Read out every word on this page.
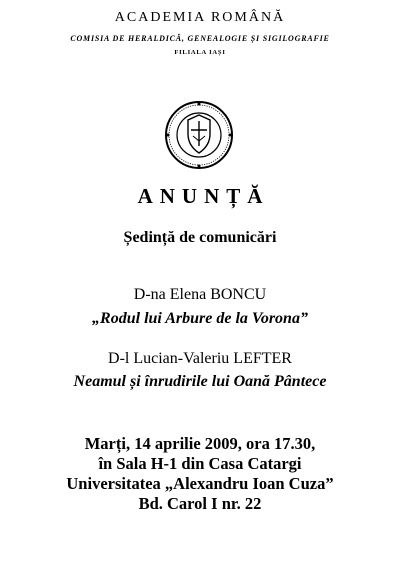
ACADEMIA ROMÂNĂ
COMISIA DE HERALDICĂ, GENEALOGIE ȘI SIGILOGRAFIE
FILIALA IAȘI
ANUNȚĂ
Ședință de comunicări
D-na Elena BONCU
„Rodul lui Arbure de la Vorona”
D-l Lucian-Valeriu LEFTER
Neamul și înrudirile lui Oană Pântece
Marți, 14 aprilie 2009, ora 17.30,
în Sala H-1 din Casa Catargi
Universitatea „Alexandru Ioan Cuza”
Bd. Carol I nr. 22
